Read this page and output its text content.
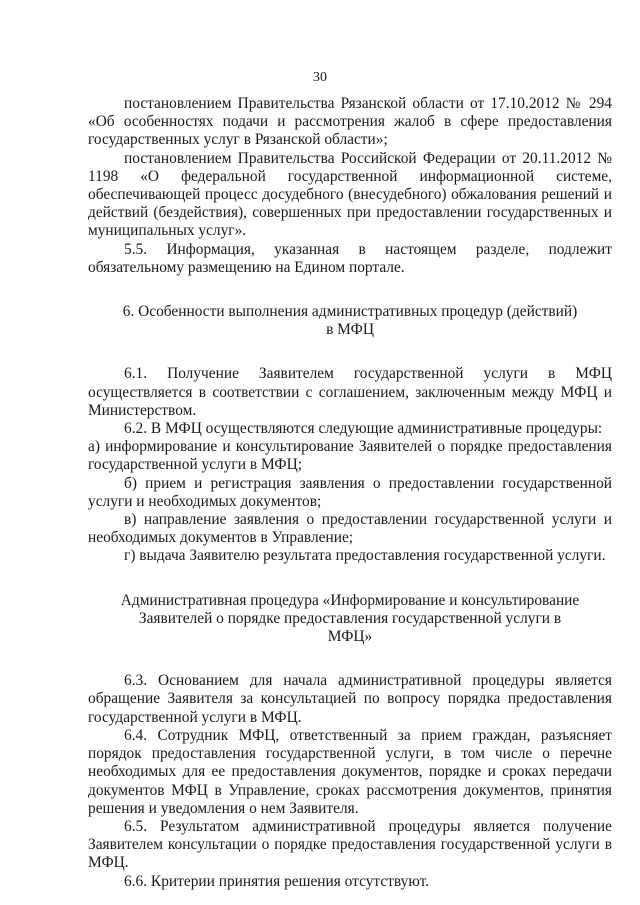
30

постановлением Правительства Рязанской области от 17.10.2012 № 294 «Об особенностях подачи и рассмотрения жалоб в сфере предоставления государственных услуг в Рязанской области»;

постановлением Правительства Российской Федерации от 20.11.2012 № 1198 «О федеральной государственной информационной системе, обеспечивающей процесс досудебного (внесудебного) обжалования решений и действий (бездействия), совершенных при предоставлении государственных и муниципальных услуг».

5.5. Информация, указанная в настоящем разделе, подлежит обязательному размещению на Едином портале.

6. Особенности выполнения административных процедур (действий) в МФЦ

6.1. Получение Заявителем государственной услуги в МФЦ осуществляется в соответствии с соглашением, заключенным между МФЦ и Министерством.

6.2. В МФЦ осуществляются следующие административные процедуры:

а) информирование и консультирование Заявителей о порядке предоставления государственной услуги в МФЦ;

б) прием и регистрация заявления о предоставлении государственной услуги и необходимых документов;

в) направление заявления о предоставлении государственной услуги и необходимых документов в Управление;

г) выдача Заявителю результата предоставления государственной услуги.

Административная процедура «Информирование и консультирование Заявителей о порядке предоставления государственной услуги в МФЦ»

6.3. Основанием для начала административной процедуры является обращение Заявителя за консультацией по вопросу порядка предоставления государственной услуги в МФЦ.

6.4. Сотрудник МФЦ, ответственный за прием граждан, разъясняет порядок предоставления государственной услуги, в том числе о перечне необходимых для ее предоставления документов, порядке и сроках передачи документов МФЦ в Управление, сроках рассмотрения документов, принятия решения и уведомления о нем Заявителя.

6.5. Результатом административной процедуры является получение Заявителем консультации о порядке предоставления государственной услуги в МФЦ.

6.6. Критерии принятия решения отсутствуют.
